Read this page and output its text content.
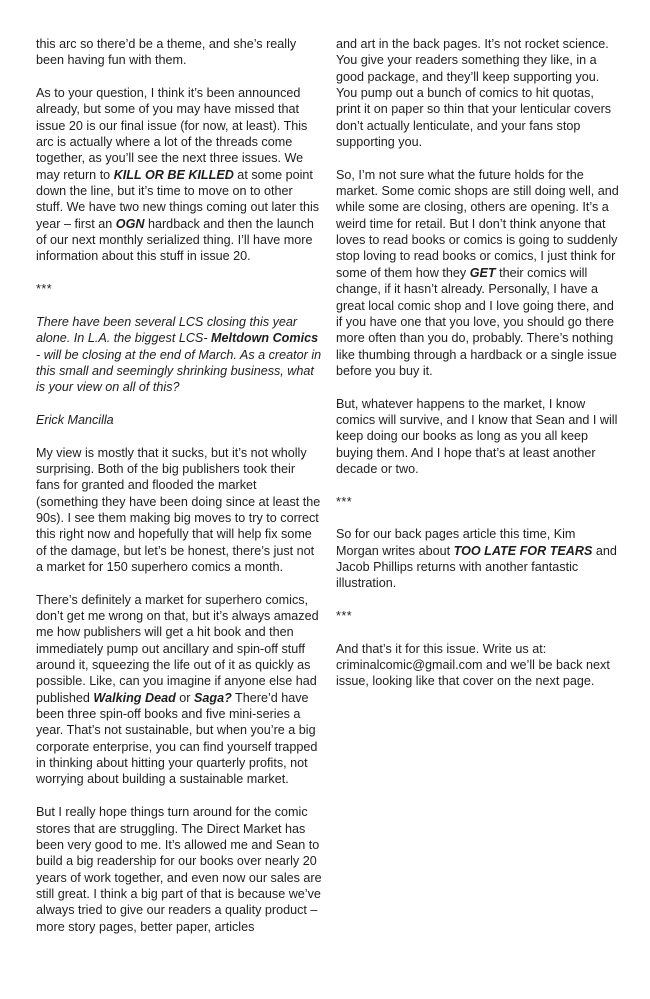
this arc so there’d be a theme, and she’s really been having fun with them.

As to your question, I think it’s been announced already, but some of you may have missed that issue 20 is our final issue (for now, at least). This arc is actually where a lot of the threads come together, as you’ll see the next three issues. We may return to KILL OR BE KILLED at some point down the line, but it’s time to move on to other stuff. We have two new things coming out later this year – first an OGN hardback and then the launch of our next monthly serialized thing. I’ll have more information about this stuff in issue 20.

***

There have been several LCS closing this year alone. In L.A. the biggest LCS- Meltdown Comics - will be closing at the end of March. As a creator in this small and seemingly shrinking business, what is your view on all of this?

Erick Mancilla

My view is mostly that it sucks, but it’s not wholly surprising. Both of the big publishers took their fans for granted and flooded the market (something they have been doing since at least the 90s). I see them making big moves to try to correct this right now and hopefully that will help fix some of the damage, but let’s be honest, there’s just not a market for 150 superhero comics a month.

There’s definitely a market for superhero comics, don’t get me wrong on that, but it’s always amazed me how publishers will get a hit book and then immediately pump out ancillary and spin-off stuff around it, squeezing the life out of it as quickly as possible. Like, can you imagine if anyone else had published Walking Dead or Saga? There’d have been three spin-off books and five mini-series a year. That’s not sustainable, but when you’re a big corporate enterprise, you can find yourself trapped in thinking about hitting your quarterly profits, not worrying about building a sustainable market.

But I really hope things turn around for the comic stores that are struggling. The Direct Market has been very good to me. It’s allowed me and Sean to build a big readership for our books over nearly 20 years of work together, and even now our sales are still great. I think a big part of that is because we’ve always tried to give our readers a quality product – more story pages, better paper, articles

and art in the back pages. It’s not rocket science. You give your readers something they like, in a good package, and they’ll keep supporting you. You pump out a bunch of comics to hit quotas, print it on paper so thin that your lenticular covers don’t actually lenticulate, and your fans stop supporting you.

So, I’m not sure what the future holds for the market. Some comic shops are still doing well, and while some are closing, others are opening. It’s a weird time for retail. But I don’t think anyone that loves to read books or comics is going to suddenly stop loving to read books or comics, I just think for some of them how they GET their comics will change, if it hasn’t already. Personally, I have a great local comic shop and I love going there, and if you have one that you love, you should go there more often than you do, probably. There’s nothing like thumbing through a hardback or a single issue before you buy it.

But, whatever happens to the market, I know comics will survive, and I know that Sean and I will keep doing our books as long as you all keep buying them. And I hope that’s at least another decade or two.

***

So for our back pages article this time, Kim Morgan writes about TOO LATE FOR TEARS and Jacob Phillips returns with another fantastic illustration.

***

And that’s it for this issue. Write us at: criminalcomic@gmail.com and we’ll be back next issue, looking like that cover on the next page.
